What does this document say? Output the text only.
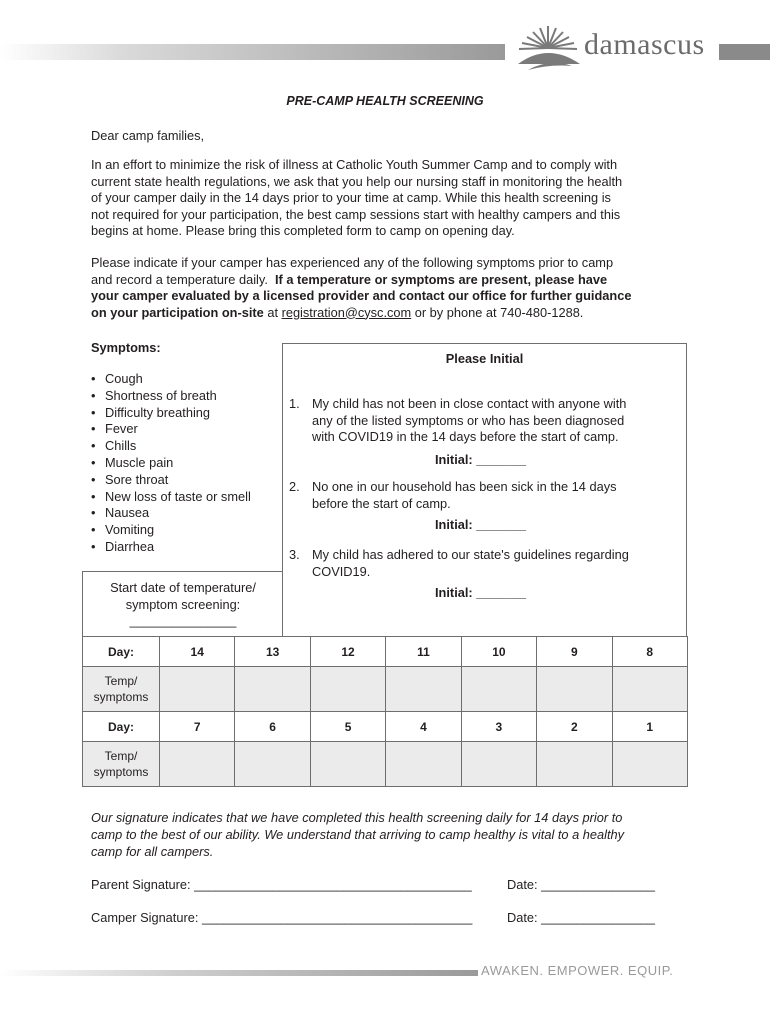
damascus
PRE-CAMP HEALTH SCREENING
Dear camp families,
In an effort to minimize the risk of illness at Catholic Youth Summer Camp and to comply with
current state health regulations, we ask that you help our nursing staff in monitoring the health
of your camper daily in the 14 days prior to your time at camp. While this health screening is
not required for your participation, the best camp sessions start with healthy campers and this
begins at home. Please bring this completed form to camp on opening day.
Please indicate if your camper has experienced any of the following symptoms prior to camp
and record a temperature daily.  If a temperature or symptoms are present, please have
your camper evaluated by a licensed provider and contact our office for further guidance
on your participation on-site at registration@cysc.com or by phone at 740-480-1288.
Symptoms:
• Cough
• Shortness of breath
• Difficulty breathing
• Fever
• Chills
• Muscle pain
• Sore throat
• New loss of taste or smell
• Nausea
• Vomiting
• Diarrhea
Please Initial
1. My child has not been in close contact with anyone with
any of the listed symptoms or who has been diagnosed
with COVID19 in the 14 days before the start of camp.
Initial: _______
2. No one in our household has been sick in the 14 days
before the start of camp.
Initial: _______
3. My child has adhered to our state's guidelines regarding
COVID19.
Initial: _______
Start date of temperature/
symptom screening:
_______________
Day:	14	13	12	11	10	9	8
Temp/
symptoms							
Day:	7	6	5	4	3	2	1
Temp/
symptoms							
Our signature indicates that we have completed this health screening daily for 14 days prior to
camp to the best of our ability. We understand that arriving to camp healthy is vital to a healthy
camp for all campers.
Parent Signature: _______________________________________	Date: ________________
Camper Signature: ______________________________________	Date: ________________
AWAKEN. EMPOWER. EQUIP.
